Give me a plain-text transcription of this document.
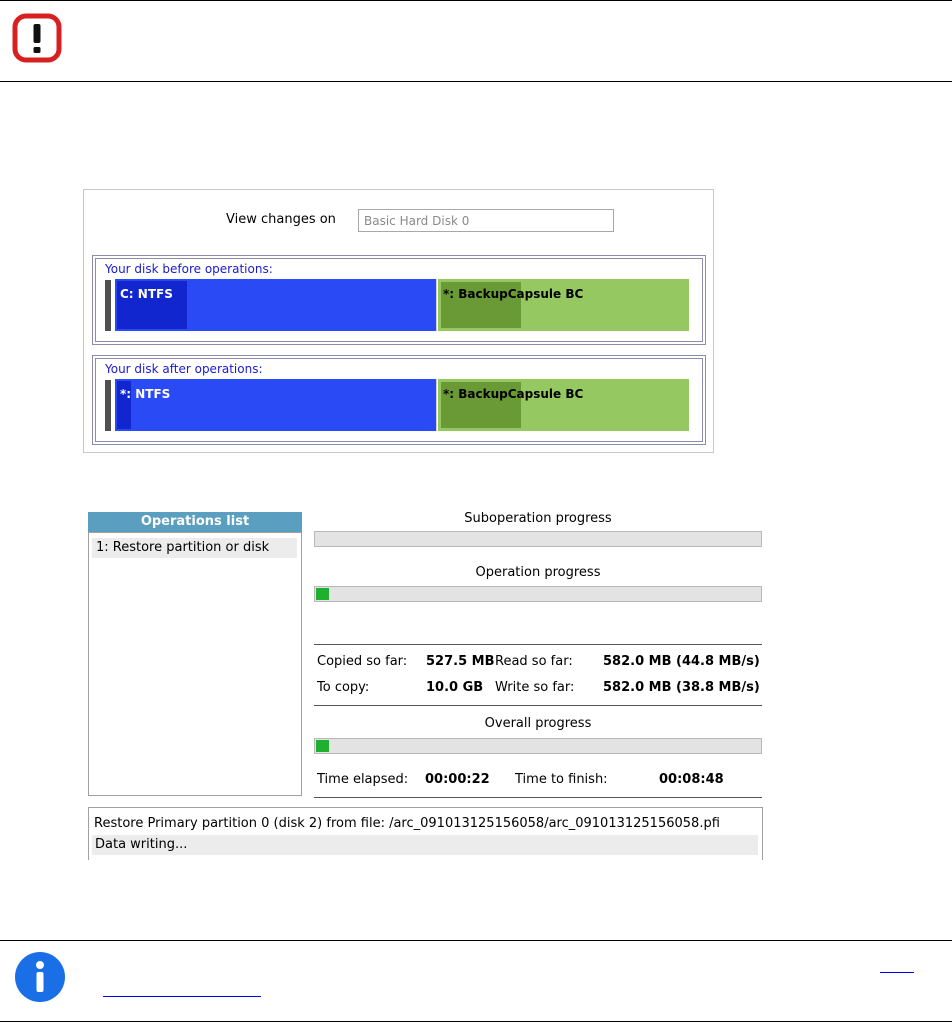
View changes on	Basic Hard Disk 0
Your disk before operations:
C: NTFS	*: BackupCapsule BC
Your disk after operations:
*: NTFS	*: BackupCapsule BC
Operations list
1: Restore partition or disk
Suboperation progress
Operation progress
Copied so far: 527.5 MB Read so far: 582.0 MB (44.8 MB/s)
To copy:	10.0 GB Write so far: 582.0 MB (38.8 MB/s)
Overall progress
Time elapsed: 00:00:22 Time to finish:	00:08:48
Restore Primary partition 0 (disk 2) from file: /arc_091013125156058/arc_091013125156058.pfi
Data writing...
